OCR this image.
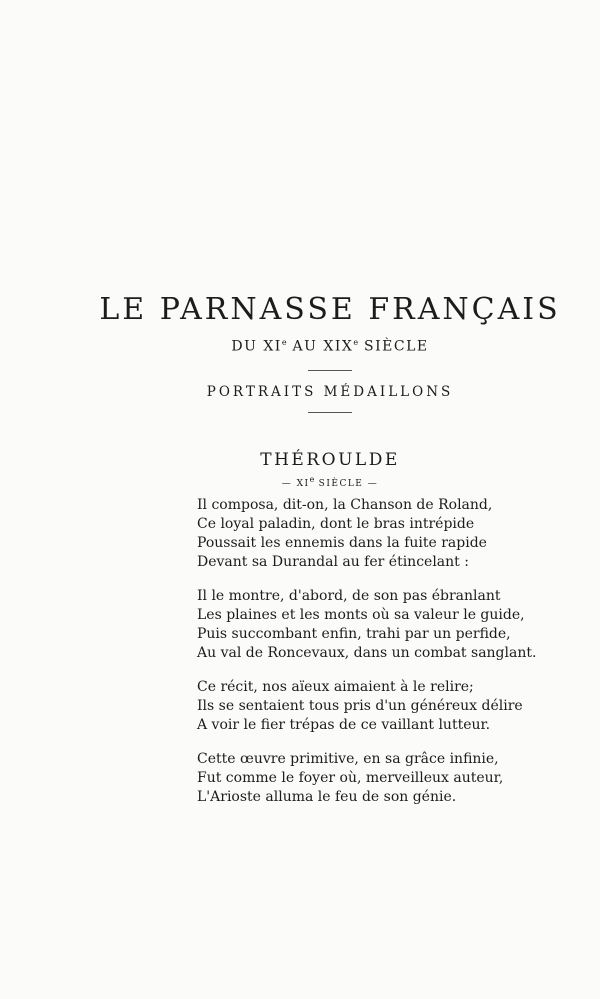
LE PARNASSE FRANÇAIS
DU XIe AU XIXe SIÈCLE
PORTRAITS MÉDAILLONS
THÉROULDE
— XIe SIÈCLE —
Il composa, dit-on, la Chanson de Roland,
Ce loyal paladin, dont le bras intrépide
Poussait les ennemis dans la fuite rapide
Devant sa Durandal au fer étincelant :
Il le montre, d'abord, de son pas ébranlant
Les plaines et les monts où sa valeur le guide,
Puis succombant enfin, trahi par un perfide,
Au val de Roncevaux, dans un combat sanglant.
Ce récit, nos aïeux aimaient à le relire;
Ils se sentaient tous pris d'un généreux délire
A voir le fier trépas de ce vaillant lutteur.
Cette œuvre primitive, en sa grâce infinie,
Fut comme le foyer où, merveilleux auteur,
L'Arioste alluma le feu de son génie.
